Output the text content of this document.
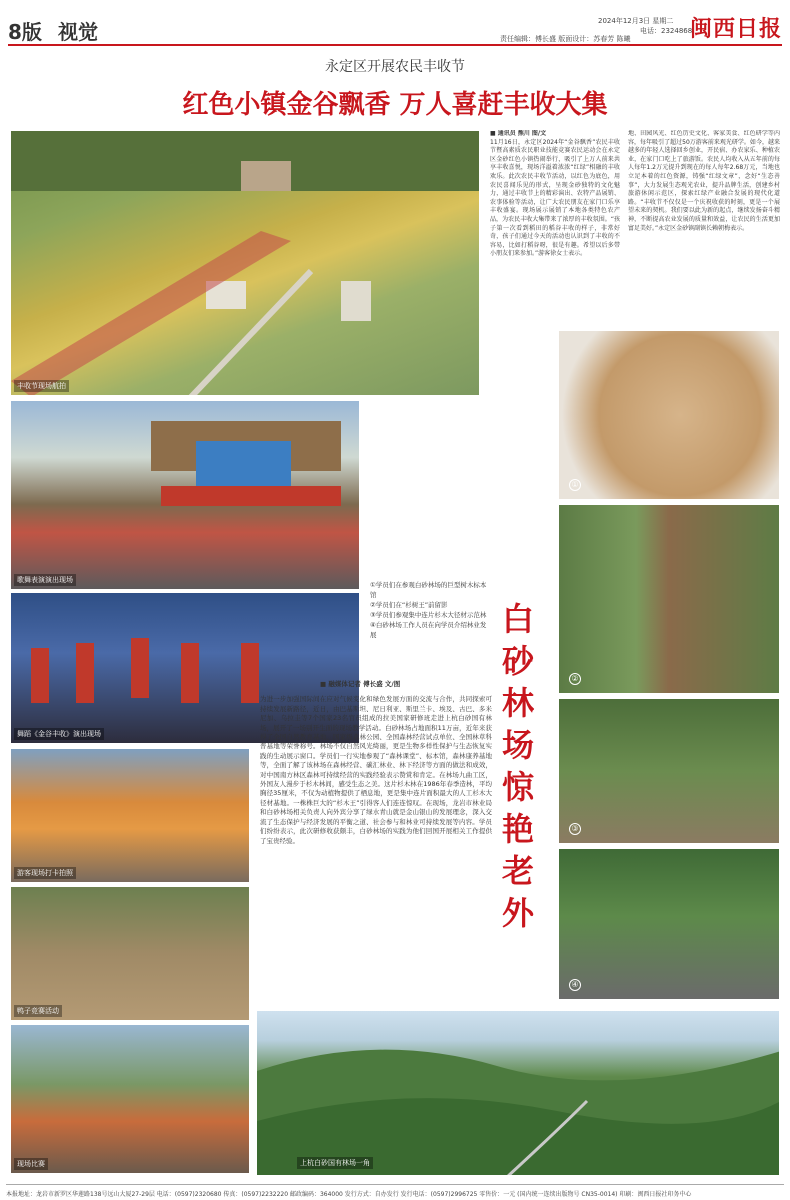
8版 视觉	2024年12月3日 星期二
电话：2324868
责任编辑：傅长盛 版面设计：苏春芳 陈曦	闽西日报
永定区开展农民丰收节
红色小镇金谷飘香 万人喜赶丰收大集
丰收节现场航拍
■ 通讯员 熊川 图/文
11月16日，永定区2024年“金谷飘香”农民丰收节暨高素质农民职业技能竞赛农民运动会在永定区金砂红色小镇热闹举行，吸引了上万人前来共享丰收喜悦，现场洋溢着浓浓“红绿”相融的丰收欢乐。此次农民丰收节活动，以红色为底色，用农民喜闻乐见的形式，呈现金砂独特的文化魅力，通过丰收节上的精彩演出、农特产品展销、农事体验等活动，让广大农民朋友在家门口乐享丰收盛宴。现场展示展销了本地各类特色农产品，为农民丰收大集带来了浓厚的丰收氛围。“孩子第一次看到稻田的稻谷丰收的样子，非常好奇，孩子们通过今天的活动也认识到了丰收的不容易，比如打稻谷呀，很是有趣。希望以后多带小朋友们来参加。”游客徐女士表示。
地、田园风光、红色历史文化、客家美食、红色研学等内容，每年吸引了超过50万游客前来观光研学。如今，越来越多的年轻人选择回乡创业，开民宿、办农家乐、种植农业，在家门口吃上了旅游饭。农民人均收入从五年前的每人每年1.2万元提升到现在的每人每年2.68万元，当地也立足本着的红色资源，铸强“红绿文章”，念好“生态善事”，大力发展生态观光农业，提升品牌生活，创建乡村旅游休闲示范区，探索红绿产业融合发展的现代化道路。“丰收节不仅仅是一个庆祝收获的时刻，更是一个展望未来的契机。我们要以此为新的起点，继续发扬奋斗精神，不断提高农业发展的质量和效益，让农民的生活更加富足美好。”永定区金砂镇副镇长赖朝梅表示。
歌舞表演演出现场
舞蹈《金谷丰收》演出现场
游客现场打卡拍照
鸭子竞赛活动
现场比赛
①学员们在参观白砂林场的巨型树木标本馆
②学员们在“杉树王”前留影
③学员们参观集中连片杉木大径材示范林
④白砂林场工作人员在向学员介绍林业发展
■ 融媒体记者 傅长盛 文/图
为进一步加强国际间在应对气候变化和绿色发展方面的交流与合作，共同探索可持续发展新路径，近日，由巴基斯坦、尼日利亚、斯里兰卡、埃及、古巴、多米尼加、乌拉圭等7个国家23名官员组成的拉美国家研修班走进上杭白砂国有林场，展开了一场别开生面的现场教学活动。白砂林场占地面积11万亩，近年来获得了全国自然教育基地、国家级森林公园、全国森林经营试点单位、全国林草科普基地等荣誉称号。林场不仅自然风光绮丽，更是生物多样性保护与生态恢复实践的生动展示窗口。学员们一行实地参观了“森林课堂”、标本馆，森林康养基地等，全面了解了该林场在森林经营、碳汇林业、林下经济等方面的做法和成效，对中国南方林区森林可持续经营的实践经验表示赞赏和肯定。在林场九曲工区，外国友人漫步于杉木林间，感受生态之美。这片杉木林在1986年春季造林，平均胸径35厘米，不仅为动植物提供了栖息地，更是集中连片面积最大的人工杉木大径材基地。一株株巨大的“杉木王”引得客人们连连惊叹。在现场，龙岩市林业局和白砂林场相关负责人向外宾分享了绿水青山就是金山银山的发展理念，深入交流了生态保护与经济发展的平衡之道、社会参与和林业可持续发展等内容。学员们纷纷表示，此次研修收获颇丰，白砂林场的实践为他们回国开展相关工作提供了宝贵经验。
白砂林场惊艳老外
①
②
③
④
上杭白砂国有林场一角
本报地址：龙岩市新罗区华莲路138号远山大厦27-29层 电话：(0597)2320680 传真：(0597)2232220 邮政编码：364000 发行方式：自办发行 发行电话：(0597)2996725 零售价：一元 (国内统一连续出版物号 CN35-0014) 印刷：闽西日报社印务中心
